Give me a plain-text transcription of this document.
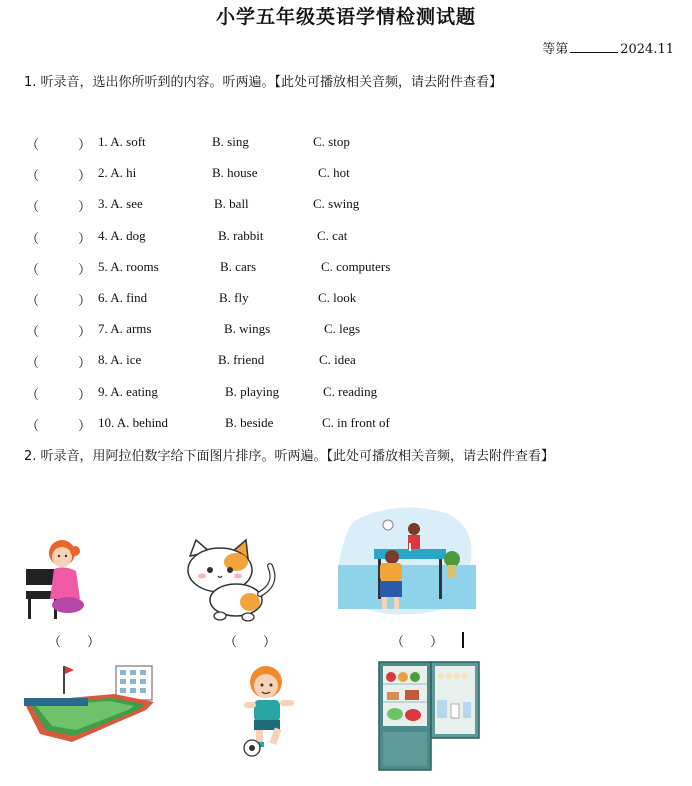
小学五年级英语学情检测试题
等第	2024.11
1. 听录音，选出你所听到的内容。听两遍。【此处可播放相关音频，请去附件查看】
（	） 1. A. soft	B. sing	C. stop
（	） 2. A. hi	B. house	C. hot
（	） 3. A. see	B. ball	C. swing
（	） 4. A. dog	B. rabbit	C. cat
（	） 5. A. rooms	B. cars	C. computers
（	） 6. A. find	B. fly	C. look
（	） 7. A. arms	B. wings	C. legs
（	） 8. A. ice	B. friend	C. idea
（	） 9. A. eating	B. playing	C. reading
（	） 10. A. behind	B. beside	C. in front of
2. 听录音，用阿拉伯数字给下面图片排序。听两遍。【此处可播放相关音频，请去附件查看】
（ ）	（ ）	（ ）
